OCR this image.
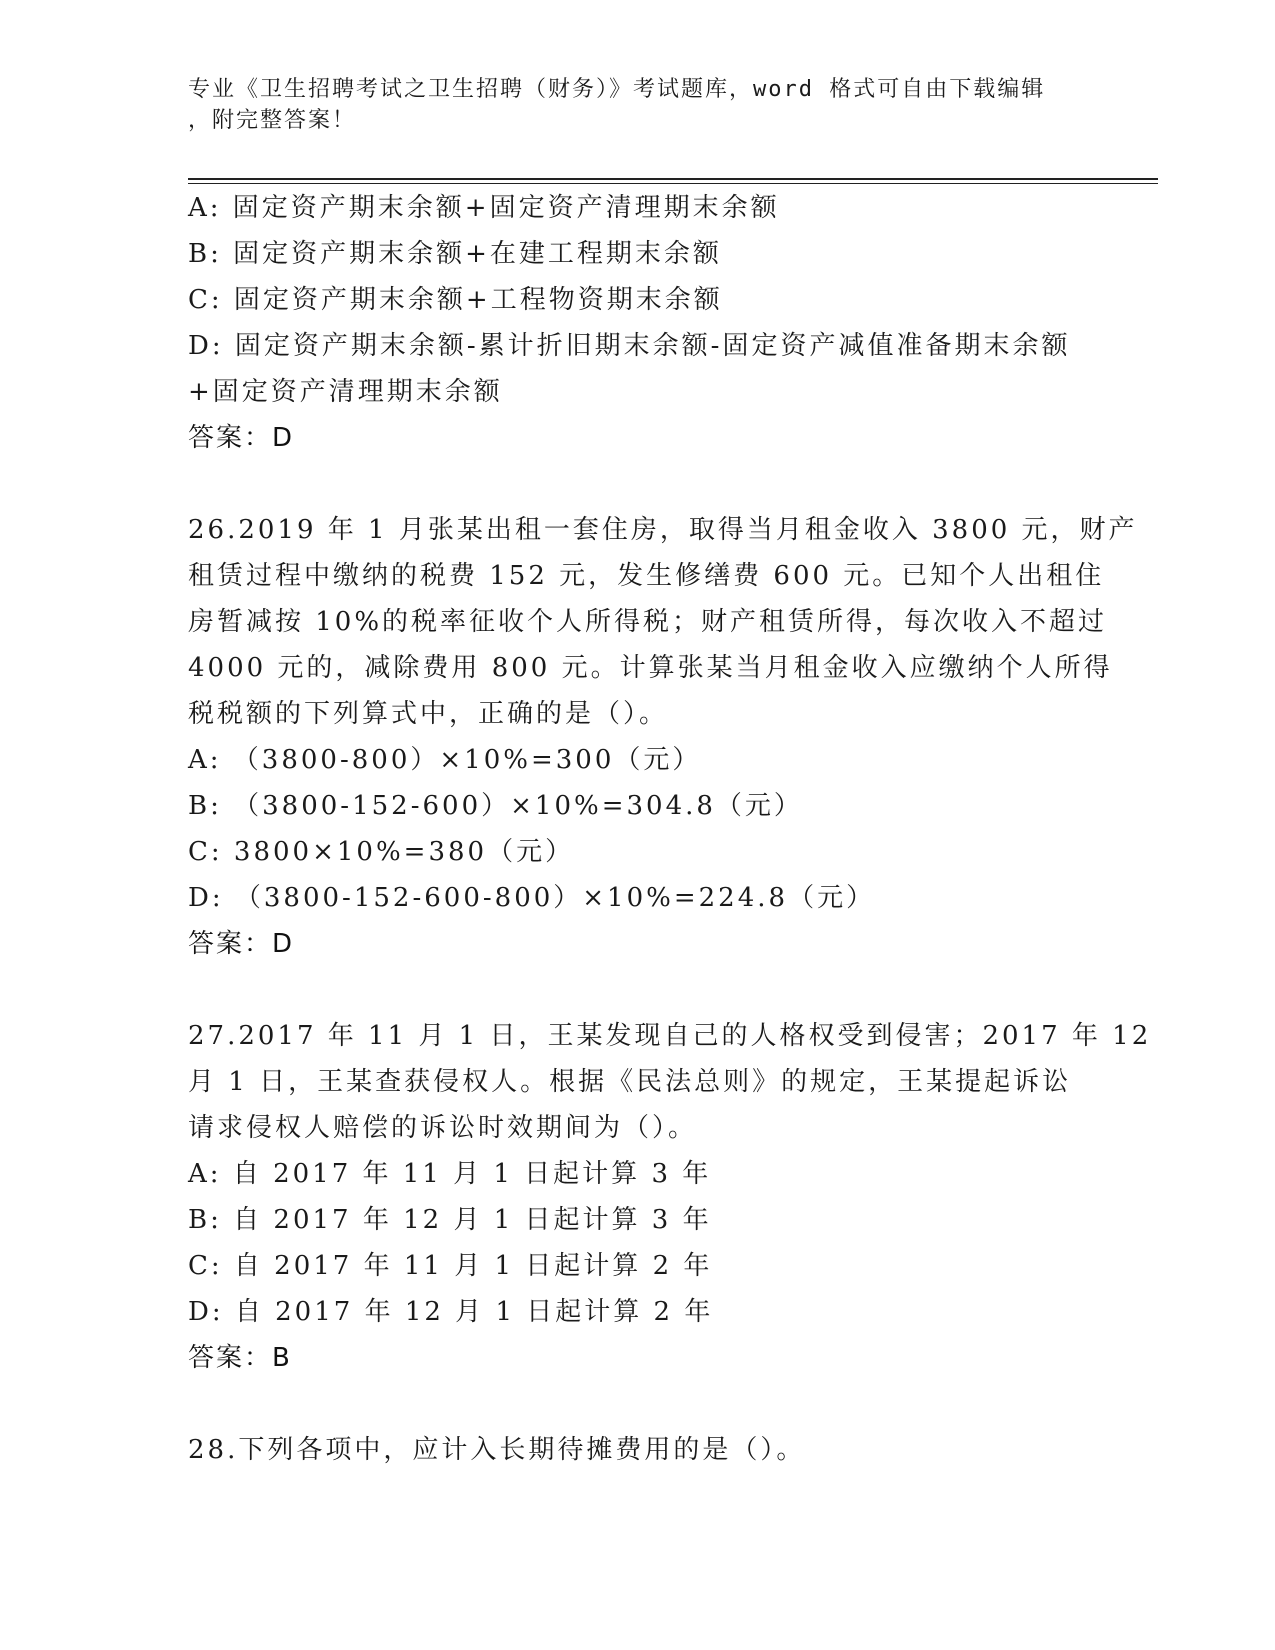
专业《卫生招聘考试之卫生招聘（财务）》考试题库，word 格式可自由下载编辑
，附完整答案！
A: 固定资产期末余额+固定资产清理期末余额
B: 固定资产期末余额+在建工程期末余额
C: 固定资产期末余额+工程物资期末余额
D: 固定资产期末余额-累计折旧期末余额-固定资产减值准备期末余额
+固定资产清理期末余额
答案：D
26.2019 年 1 月张某出租一套住房，取得当月租金收入 3800 元，财产
租赁过程中缴纳的税费 152 元，发生修缮费 600 元。已知个人出租住
房暂减按 10%的税率征收个人所得税；财产租赁所得，每次收入不超过
4000 元的，减除费用 800 元。计算张某当月租金收入应缴纳个人所得
税税额的下列算式中，正确的是（）。
A: （3800-800）×10%=300（元）
B: （3800-152-600）×10%=304.8（元）
C: 3800×10%=380（元）
D: （3800-152-600-800）×10%=224.8（元）
答案：D
27.2017 年 11 月 1 日，王某发现自己的人格权受到侵害；2017 年 12
月 1 日，王某查获侵权人。根据《民法总则》的规定，王某提起诉讼
请求侵权人赔偿的诉讼时效期间为（）。
A: 自 2017 年 11 月 1 日起计算 3 年
B: 自 2017 年 12 月 1 日起计算 3 年
C: 自 2017 年 11 月 1 日起计算 2 年
D: 自 2017 年 12 月 1 日起计算 2 年
答案：B
28.下列各项中，应计入长期待摊费用的是（）。
